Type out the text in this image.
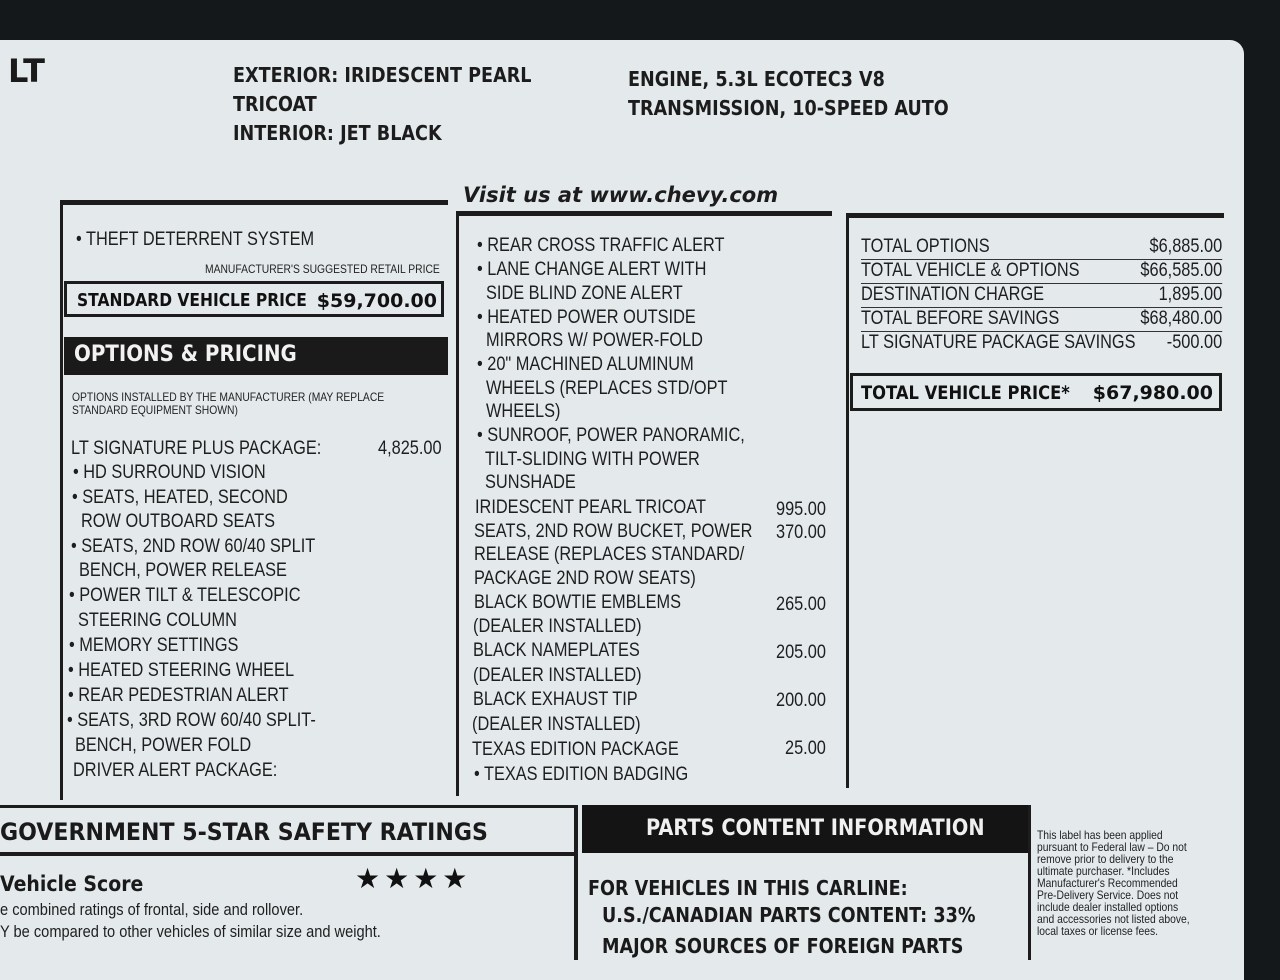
LT	EXTERIOR: IRIDESCENT PEARL
TRICOAT
INTERIOR: JET BLACK
ENGINE, 5.3L ECOTEC3 V8
TRANSMISSION, 10-SPEED AUTO
Visit us at www.chevy.com
• THEFT DETERRENT SYSTEM
MANUFACTURER'S SUGGESTED RETAIL PRICE
STANDARD VEHICLE PRICE $59,700.00
OPTIONS & PRICING
OPTIONS INSTALLED BY THE MANUFACTURER (MAY REPLACE
STANDARD EQUIPMENT SHOWN)
LT SIGNATURE PLUS PACKAGE:	4,825.00
• HD SURROUND VISION
• SEATS, HEATED, SECOND
ROW OUTBOARD SEATS
• SEATS, 2ND ROW 60/40 SPLIT
BENCH, POWER RELEASE
• POWER TILT & TELESCOPIC
STEERING COLUMN
• MEMORY SETTINGS
• HEATED STEERING WHEEL
• REAR PEDESTRIAN ALERT
• SEATS, 3RD ROW 60/40 SPLIT-
BENCH, POWER FOLD
DRIVER ALERT PACKAGE:
• REAR CROSS TRAFFIC ALERT
• LANE CHANGE ALERT WITH
SIDE BLIND ZONE ALERT
• HEATED POWER OUTSIDE
MIRRORS W/ POWER-FOLD
• 20" MACHINED ALUMINUM
WHEELS (REPLACES STD/OPT
WHEELS)
• SUNROOF, POWER PANORAMIC,
TILT-SLIDING WITH POWER
SUNSHADE
IRIDESCENT PEARL TRICOAT	995.00
SEATS, 2ND ROW BUCKET, POWER 370.00
RELEASE (REPLACES STANDARD/
PACKAGE 2ND ROW SEATS)
BLACK BOWTIE EMBLEMS	265.00
(DEALER INSTALLED)
BLACK NAMEPLATES	205.00
(DEALER INSTALLED)
BLACK EXHAUST TIP	200.00
(DEALER INSTALLED)
TEXAS EDITION PACKAGE	25.00
• TEXAS EDITION BADGING
TOTAL OPTIONS	$6,885.00
TOTAL VEHICLE & OPTIONS	$66,585.00
DESTINATION CHARGE	1,895.00
TOTAL BEFORE SAVINGS	$68,480.00
LT SIGNATURE PACKAGE SAVINGS -500.00
TOTAL VEHICLE PRICE* $67,980.00
GOVERNMENT 5-STAR SAFETY RATINGS
Vehicle Score	★★★★
e combined ratings of frontal, side and rollover.
Y be compared to other vehicles of similar size and weight.
PARTS CONTENT INFORMATION
FOR VEHICLES IN THIS CARLINE:
U.S./CANADIAN PARTS CONTENT: 33%
MAJOR SOURCES OF FOREIGN PARTS
This label has been applied
pursuant to Federal law – Do not
remove prior to delivery to the
ultimate purchaser. *Includes
Manufacturer's Recommended
Pre-Delivery Service. Does not
include dealer installed options
and accessories not listed above,
local taxes or license fees.
